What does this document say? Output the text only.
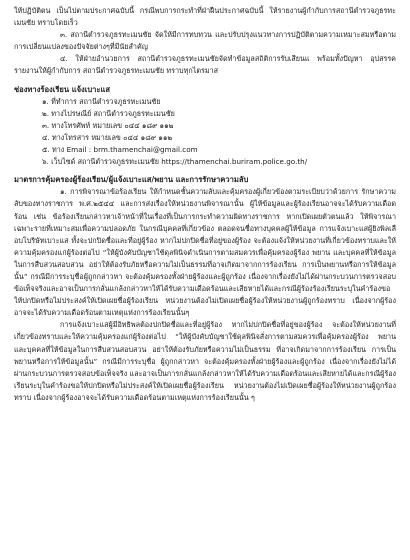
ให้ปฏิบัติตน เป็นไปตามประกาศฉบับนี้ กรณีพบการกระทำที่ฝ่าฝืนประกาศฉบับนี้ ให้รายงานผู้กำกับการสถานีตำรวจภูธรทะเมนชัย ทราบโดยเร็ว

๓. สถานีตำรวจภูธรทะเมนชัย จัดให้มีการทบทวน และปรับปรุงแนวทางการปฏิบัติตามความเหมาะสมหรือตามการเปลี่ยนแปลงของปัจจัยต่างๆที่มีนัยสำคัญ

๔. ให้ฝ่ายอำนวยการ สถานีตำรวจภูธรทะเมนชัยจัดทำข้อมูลสถิติการรับเสียนแ พร้อมทั้งปัญหา อุปสรรค รายงานให้ผู้กำกับการ สถานีตำรวจภูธรทะเมนชัย ทราบทุกไตรมาส

ช่องทางร้องเรียน แจ้งเบาะแส

๑. ที่ทำการ สถานีตำรวจภูธรทะเมนชัย
๒. ทางไปรษณีย์ สถานีตำรวจภูธรทะเมนชัย
๓. ทางโทรศัพท์ หมายเลข ๐๔๔ ๑๘๙ ๑๑๒
๔. ทางโทรสาร หมายเลข ๐๔๔ ๑๘๙ ๑๑๒
๕. ทาง Email : brm.thamenchai@gmail.com
๖. เว็บไซด์ สถานีตำรวจภูธรทะเมนชัย https://thamenchai.buriram.police.go.th/

มาตรการคุ้มครองผู้ร้องเรียน/ผู้แจ้งเบาะแส/พยาน และการรักษาความลับ

๑. การพิจารณาข้อร้องเรียน ให้กำหนดชั้นความลับและคุ้มครองผู้เกี่ยวข้องตามระเบียบว่าด้วยการ รักษาความลับของทางราชการ พ.ศ.๒๕๔๔ และการส่งเรื่องให้หน่วยงานพิจารณานั้น ผู้ให้ข้อมูลและผู้ร้องเรียนอาจจะได้รับความเดือดร้อน เช่น ข้อร้องเรียนกล่าวหาเจ้าหน้าที่ในเรื่องที่เป็นการกระทำความผิดทางราชการ หากเปิดเผยตัวตนแล้ว ให้พิจารณาเฉพาะรายที่เหมาะสมเพื่อความปลอดภัย ในกรณีบุคคลที่เกี่ยวข้อง ตลอดจนชื่อทางบุคคลผู้ให้ข้อมูล การแจ้งเบาะแสผู้ยิงพิลเลือบโบริษัทเบาะแส ทั้งจะปกปิดชื่อและที่อยู่ผู้ร้อง หากไม่ปกปิดชื่อที่อยู่ของผู้ร้อง จะต้องแจ้งให้หน่วยงานที่เกี่ยวข้องทราบและให้ความคุ้มครองแก่ผู้ร้องต่อไป “ให้ผู้บังคับบัญชาใช้ดุลพินิจดำเนินการตามสมควรเพื่อคุ้มครองผู้ร้อง พยาน และบุคคลที่ให้ข้อมูลในการสืบสวนสอบสวน อย่าให้ต้องรับภัยหรือความไม่เป็นธรรมที่อาจเกิดมาจากการร้องเรียน การเป็นพยานหรือการให้ข้อมูลนั้น” กรณีมีการระบุชื่อผู้ถูกกล่าวหา จะต้องคุ้มครองทั้งฝ่ายผู้ร้องและผู้ถูกร้อง เนื่องจากเรื่องยังไม่ได้ผ่านกระบวนการตรวจสอบข้อเท็จจริงและอาจเป็นการกลั่นแกล้งกล่าวหาให้ได้รับความเดือดร้อนและเสียหายได้และกรณีผู้ร้องร้องเรียนระบุในคำร้องขอให้ปกปิดหรือไม่ประสงค์ให้เปิดเผยชื่อผู้ร้องเรียน หน่วยงานต้องไม่เปิดเผยชื่อผู้ร้องให้หน่วยงานผู้ถูกร้องทราบ เนื่องจากผู้ร้องอาจจะได้รับความเดือดร้อนตามเหตุแห่งการร้องเรียนนั้นๆ

การแจ้งเบาะแสผู้มีอิทธิพลต้องปกปิดชื่อและที่อยู่ผู้ร้อง หากไม่ปกปิดชื่อที่อยู่ของผู้ร้อง จะต้องให้หน่วยงานที่เกี่ยวข้องทราบและให้ความคุ้มครองแก่ผู้ร้องต่อไป “ให้ผู้บังคับบัญชาใช้ดุลพินิจสั่งการตามสมควรเพื่อคุ้มครองผู้ร้อง พยาน และบุคคลที่ให้ข้อมูลในการสืบสวนสอบสวน อย่าให้ต้องรับภัยหรือความไม่เป็นธรรม ที่อาจเกิดมาจากการร้องเรียน การเป็นพยานหรือการให้ข้อมูลนั้น” กรณีมีการระบุชื่อ ผู้ถูกกล่าวหา จะต้องคุ้มครองทั้งฝ่ายผู้ร้องและผู้ถูกร้อง เนื่องจากเรื่องยังไม่ได้ผ่านกระบวนการตรวจสอบข้อเท็จจริง และอาจเป็นการกลั่นแกล้งกล่าวหาให้ได้รับความเดือดร้อนและเสียหายได้และกรณีผู้ร้องเรียนระบุในคำร้องขอให้ปกปิดหรือไม่ประสงค์ให้เปิดเผยชื่อผู้ร้องเรียน หน่วยงานต้องไม่เปิดเผยชื่อผู้ร้องให้หน่วยงานผู้ถูกร้อง ทราบ เนื่องจากผู้ร้องอาจจะได้รับความเดือดร้อนตามเหตุแห่งการร้องเรียนนั้น ๆ
